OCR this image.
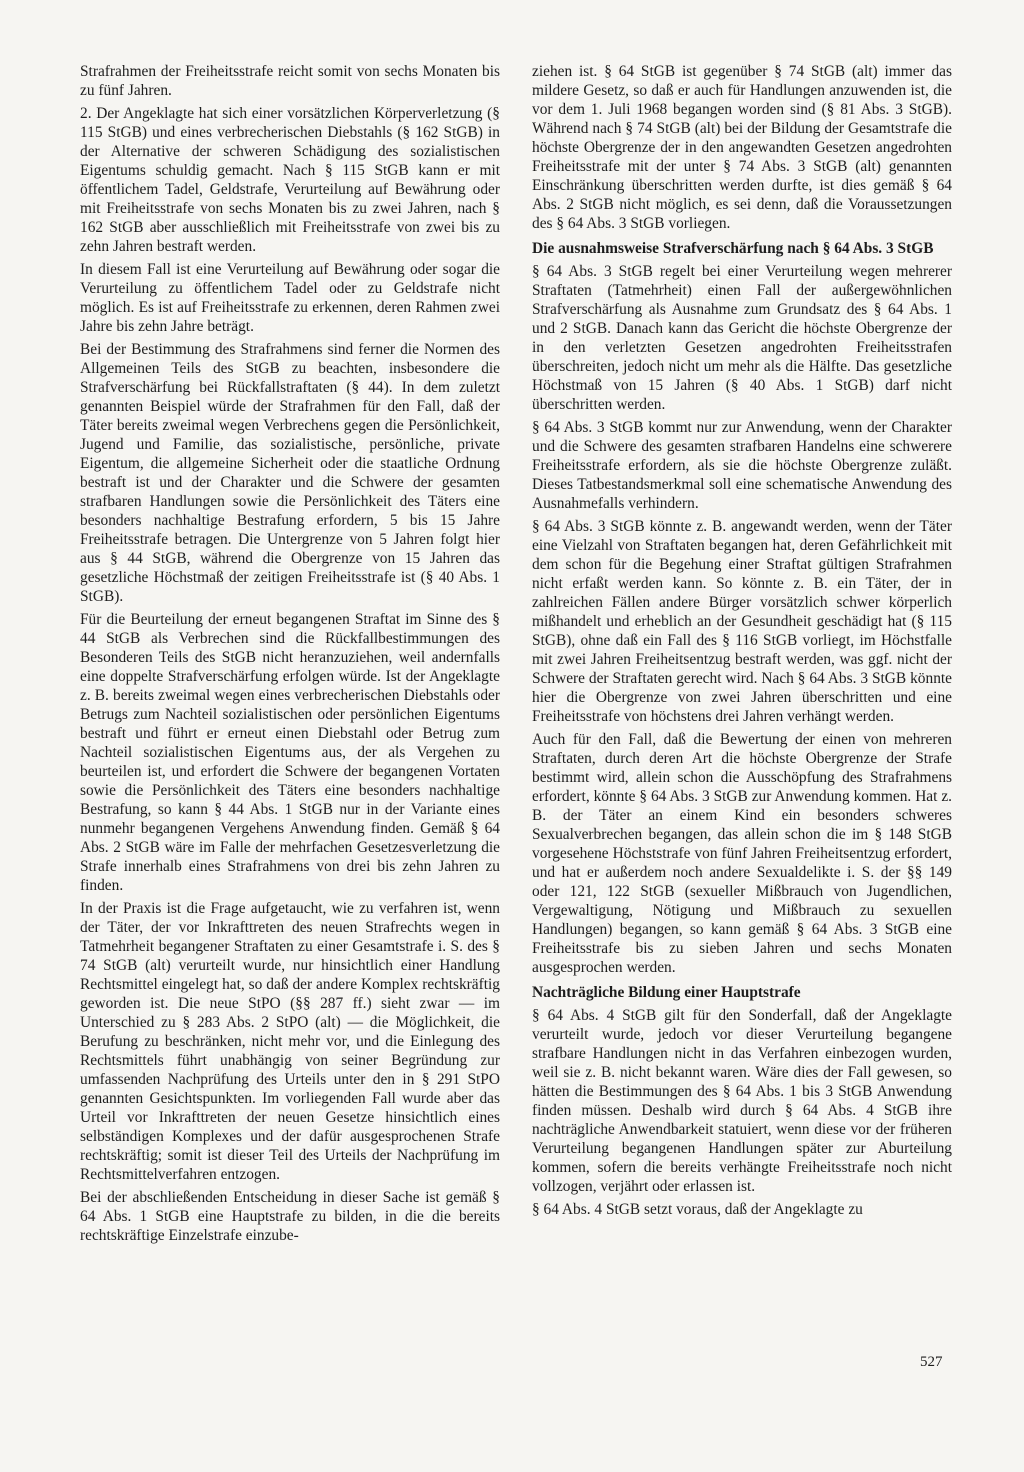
Strafrahmen der Freiheitsstrafe reicht somit von sechs Monaten bis zu fünf Jahren.

2. Der Angeklagte hat sich einer vorsätzlichen Körperverletzung (§ 115 StGB) und eines verbrecherischen Diebstahls (§ 162 StGB) in der Alternative der schweren Schädigung des sozialistischen Eigentums schuldig gemacht. Nach § 115 StGB kann er mit öffentlichem Tadel, Geldstrafe, Verurteilung auf Bewährung oder mit Freiheitsstrafe von sechs Monaten bis zu zwei Jahren, nach § 162 StGB aber ausschließlich mit Freiheitsstrafe von zwei bis zu zehn Jahren bestraft werden.

In diesem Fall ist eine Verurteilung auf Bewährung oder sogar die Verurteilung zu öffentlichem Tadel oder zu Geldstrafe nicht möglich. Es ist auf Freiheitsstrafe zu erkennen, deren Rahmen zwei Jahre bis zehn Jahre beträgt.

Bei der Bestimmung des Strafrahmens sind ferner die Normen des Allgemeinen Teils des StGB zu beachten, insbesondere die Strafverschärfung bei Rückfallstraftaten (§ 44). In dem zuletzt genannten Beispiel würde der Strafrahmen für den Fall, daß der Täter bereits zweimal wegen Verbrechens gegen die Persönlichkeit, Jugend und Familie, das sozialistische, persönliche, private Eigentum, die allgemeine Sicherheit oder die staatliche Ordnung bestraft ist und der Charakter und die Schwere der gesamten strafbaren Handlungen sowie die Persönlichkeit des Täters eine besonders nachhaltige Bestrafung erfordern, 5 bis 15 Jahre Freiheitsstrafe betragen. Die Untergrenze von 5 Jahren folgt hier aus § 44 StGB, während die Obergrenze von 15 Jahren das gesetzliche Höchstmaß der zeitigen Freiheitsstrafe ist (§ 40 Abs. 1 StGB).

Für die Beurteilung der erneut begangenen Straftat im Sinne des § 44 StGB als Verbrechen sind die Rückfallbestimmungen des Besonderen Teils des StGB nicht heranzuziehen, weil andernfalls eine doppelte Strafverschärfung erfolgen würde. Ist der Angeklagte z. B. bereits zweimal wegen eines verbrecherischen Diebstahls oder Betrugs zum Nachteil sozialistischen oder persönlichen Eigentums bestraft und führt er erneut einen Diebstahl oder Betrug zum Nachteil sozialistischen Eigentums aus, der als Vergehen zu beurteilen ist, und erfordert die Schwere der begangenen Vortaten sowie die Persönlichkeit des Täters eine besonders nachhaltige Bestrafung, so kann § 44 Abs. 1 StGB nur in der Variante eines nunmehr begangenen Vergehens Anwendung finden. Gemäß § 64 Abs. 2 StGB wäre im Falle der mehrfachen Gesetzesverletzung die Strafe innerhalb eines Strafrahmens von drei bis zehn Jahren zu finden.

In der Praxis ist die Frage aufgetaucht, wie zu verfahren ist, wenn der Täter, der vor Inkrafttreten des neuen Strafrechts wegen in Tatmehrheit begangener Straftaten zu einer Gesamtstrafe i. S. des § 74 StGB (alt) verurteilt wurde, nur hinsichtlich einer Handlung Rechtsmittel eingelegt hat, so daß der andere Komplex rechtskräftig geworden ist. Die neue StPO (§§ 287 ff.) sieht zwar — im Unterschied zu § 283 Abs. 2 StPO (alt) — die Möglichkeit, die Berufung zu beschränken, nicht mehr vor, und die Einlegung des Rechtsmittels führt unabhängig von seiner Begründung zur umfassenden Nachprüfung des Urteils unter den in § 291 StPO genannten Gesichtspunkten. Im vorliegenden Fall wurde aber das Urteil vor Inkrafttreten der neuen Gesetze hinsichtlich eines selbständigen Komplexes und der dafür ausgesprochenen Strafe rechtskräftig; somit ist dieser Teil des Urteils der Nachprüfung im Rechtsmittelverfahren entzogen.

Bei der abschließenden Entscheidung in dieser Sache ist gemäß § 64 Abs. 1 StGB eine Hauptstrafe zu bilden, in die die bereits rechtskräftige Einzelstrafe einzube-

ziehen ist. § 64 StGB ist gegenüber § 74 StGB (alt) immer das mildere Gesetz, so daß er auch für Handlungen anzuwenden ist, die vor dem 1. Juli 1968 begangen worden sind (§ 81 Abs. 3 StGB). Während nach § 74 StGB (alt) bei der Bildung der Gesamtstrafe die höchste Obergrenze der in den angewandten Gesetzen angedrohten Freiheitsstrafe mit der unter § 74 Abs. 3 StGB (alt) genannten Einschränkung überschritten werden durfte, ist dies gemäß § 64 Abs. 2 StGB nicht möglich, es sei denn, daß die Voraussetzungen des § 64 Abs. 3 StGB vorliegen.

Die ausnahmsweise Strafverschärfung nach § 64 Abs. 3 StGB

§ 64 Abs. 3 StGB regelt bei einer Verurteilung wegen mehrerer Straftaten (Tatmehrheit) einen Fall der außergewöhnlichen Strafverschärfung als Ausnahme zum Grundsatz des § 64 Abs. 1 und 2 StGB. Danach kann das Gericht die höchste Obergrenze der in den verletzten Gesetzen angedrohten Freiheitsstrafen überschreiten, jedoch nicht um mehr als die Hälfte. Das gesetzliche Höchstmaß von 15 Jahren (§ 40 Abs. 1 StGB) darf nicht überschritten werden.

§ 64 Abs. 3 StGB kommt nur zur Anwendung, wenn der Charakter und die Schwere des gesamten strafbaren Handelns eine schwerere Freiheitsstrafe erfordern, als sie die höchste Obergrenze zuläßt. Dieses Tatbestandsmerkmal soll eine schematische Anwendung des Ausnahmefalls verhindern.

§ 64 Abs. 3 StGB könnte z. B. angewandt werden, wenn der Täter eine Vielzahl von Straftaten begangen hat, deren Gefährlichkeit mit dem schon für die Begehung einer Straftat gültigen Strafrahmen nicht erfaßt werden kann. So könnte z. B. ein Täter, der in zahlreichen Fällen andere Bürger vorsätzlich schwer körperlich mißhandelt und erheblich an der Gesundheit geschädigt hat (§ 115 StGB), ohne daß ein Fall des § 116 StGB vorliegt, im Höchstfalle mit zwei Jahren Freiheitsentzug bestraft werden, was ggf. nicht der Schwere der Straftaten gerecht wird. Nach § 64 Abs. 3 StGB könnte hier die Obergrenze von zwei Jahren überschritten und eine Freiheitsstrafe von höchstens drei Jahren verhängt werden.

Auch für den Fall, daß die Bewertung der einen von mehreren Straftaten, durch deren Art die höchste Obergrenze der Strafe bestimmt wird, allein schon die Ausschöpfung des Strafrahmens erfordert, könnte § 64 Abs. 3 StGB zur Anwendung kommen. Hat z. B. der Täter an einem Kind ein besonders schweres Sexualverbrechen begangen, das allein schon die im § 148 StGB vorgesehene Höchststrafe von fünf Jahren Freiheitsentzug erfordert, und hat er außerdem noch andere Sexualdelikte i. S. der §§ 149 oder 121, 122 StGB (sexueller Mißbrauch von Jugendlichen, Vergewaltigung, Nötigung und Mißbrauch zu sexuellen Handlungen) begangen, so kann gemäß § 64 Abs. 3 StGB eine Freiheitsstrafe bis zu sieben Jahren und sechs Monaten ausgesprochen werden.

Nachträgliche Bildung einer Hauptstrafe

§ 64 Abs. 4 StGB gilt für den Sonderfall, daß der Angeklagte verurteilt wurde, jedoch vor dieser Verurteilung begangene strafbare Handlungen nicht in das Verfahren einbezogen wurden, weil sie z. B. nicht bekannt waren. Wäre dies der Fall gewesen, so hätten die Bestimmungen des § 64 Abs. 1 bis 3 StGB Anwendung finden müssen. Deshalb wird durch § 64 Abs. 4 StGB ihre nachträgliche Anwendbarkeit statuiert, wenn diese vor der früheren Verurteilung begangenen Handlungen später zur Aburteilung kommen, sofern die bereits verhängte Freiheitsstrafe noch nicht vollzogen, verjährt oder erlassen ist.

§ 64 Abs. 4 StGB setzt voraus, daß der Angeklagte zu

527
